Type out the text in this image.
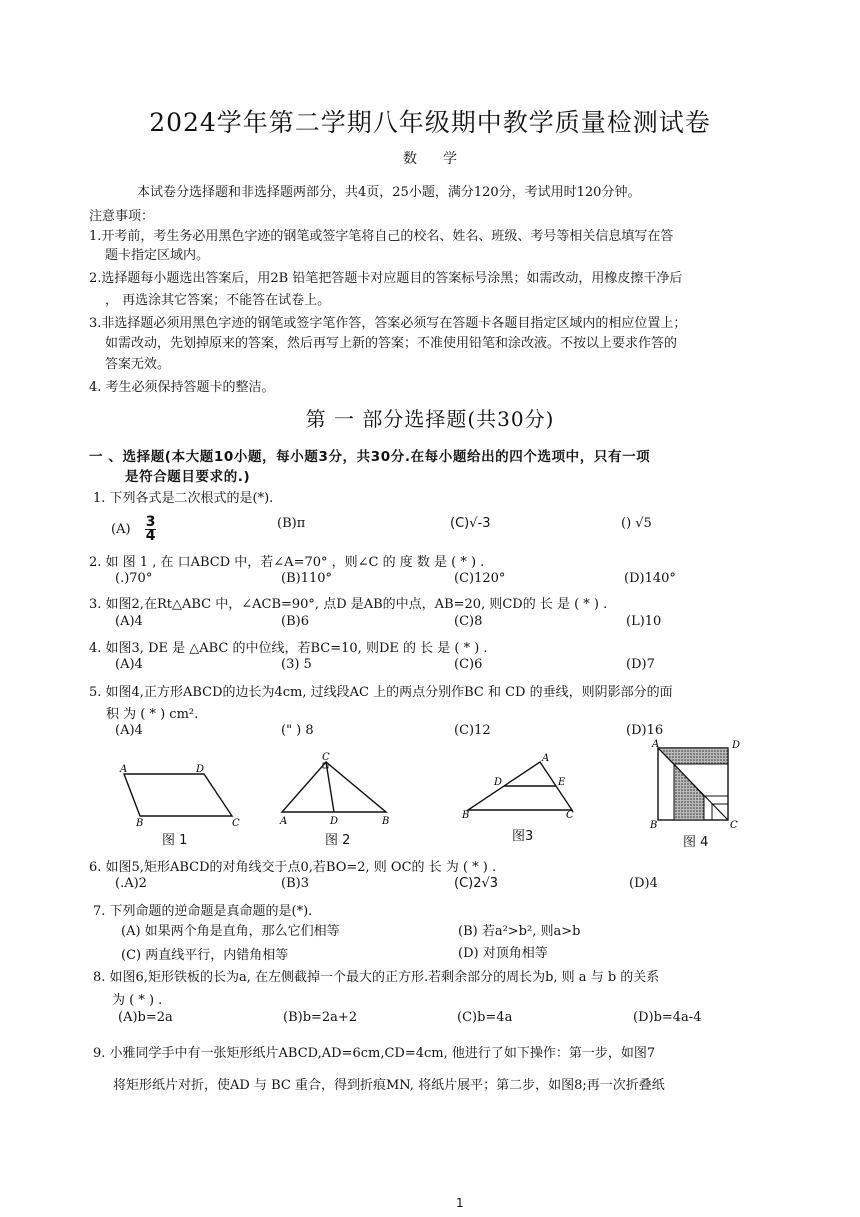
2024学年第二学期八年级期中教学质量检测试卷
数学
本试卷分选择题和非选择题两部分，共4页，25小题，满分120分，考试用时120分钟。
注意事项：
1.开考前，考生务必用黑色字迹的钢笔或签字笔将自己的校名、姓名、班级、考号等相关信息填写在答
题卡指定区域内。
2.选择题每小题选出答案后，用2B 铅笔把答题卡对应题目的答案标号涂黑；如需改动，用橡皮擦干净后
， 再选涂其它答案；不能答在试卷上。
3.非选择题必须用黑色字迹的钢笔或签字笔作答，答案必须写在答题卡各题目指定区域内的相应位置上；
如需改动，先划掉原来的答案，然后再写上新的答案；不准使用铅笔和涂改液。不按以上要求作答的
答案无效。
4. 考生必须保持答题卡的整洁。
第 一 部分选择题(共30分)
一 、选择题(本大题10小题，每小题3分，共30分.在每小题给出的四个选项中，只有一项
是符合题目要求的.)
1. 下列各式是二次根式的是(*).
$(A) \frac{3}{4}$	(B)π	(C)√-3	() √5
2. 如 图 1 , 在 口ABCD 中，若∠A=70° ，则∠C 的 度 数 是 ( * ) .
(.)70°	(B)110°	(C)120°	(D)140°
3. 如图2,在Rt△ABC 中，∠ACB=90°, 点D 是AB的中点，AB=20, 则CD的 长 是 ( * ) .
(A)4	(B)6	(C)8	(L)10
4. 如图3, DE 是 △ABC 的中位线，若BC=10, 则DE 的 长 是 ( * ) .
(A)4	(3) 5	(C)6	(D)7
5. 如图4,正方形ABCD的边长为4cm, 过线段AC 上的两点分别作BC 和 CD 的垂线，则阴影部分的面
积 为 ( * ) cm².
(A)4	(" ) 8	(C)12	(D)16
A	D
B	C
图 1
C
A	D	B
图 2
A
D	E
B	C
图3
A	D
B	C
图 4
6. 如图5,矩形ABCD的对角线交于点0,若BO=2, 则 OC的 长 为 ( * ) .
(.A)2	(B)3	(C)2√3	(D)4
7. 下列命题的逆命题是真命题的是(*).
(A) 如果两个角是直角，那么它们相等	(B) 若a²>b², 则a>b
(C) 两直线平行，内错角相等	(D) 对顶角相等
8. 如图6,矩形铁板的长为a, 在左侧截掉一个最大的正方形.若剩余部分的周长为b, 则 a 与 b 的关系
为 ( * ) .
(A)b=2a	(B)b=2a+2	(C)b=4a	(D)b=4a-4
9. 小雅同学手中有一张矩形纸片ABCD,AD=6cm,CD=4cm, 他进行了如下操作：第一步，如图7
将矩形纸片对折，使AD 与 BC 重合，得到折痕MN, 将纸片展平；第二步，如图8;再一次折叠纸
1
